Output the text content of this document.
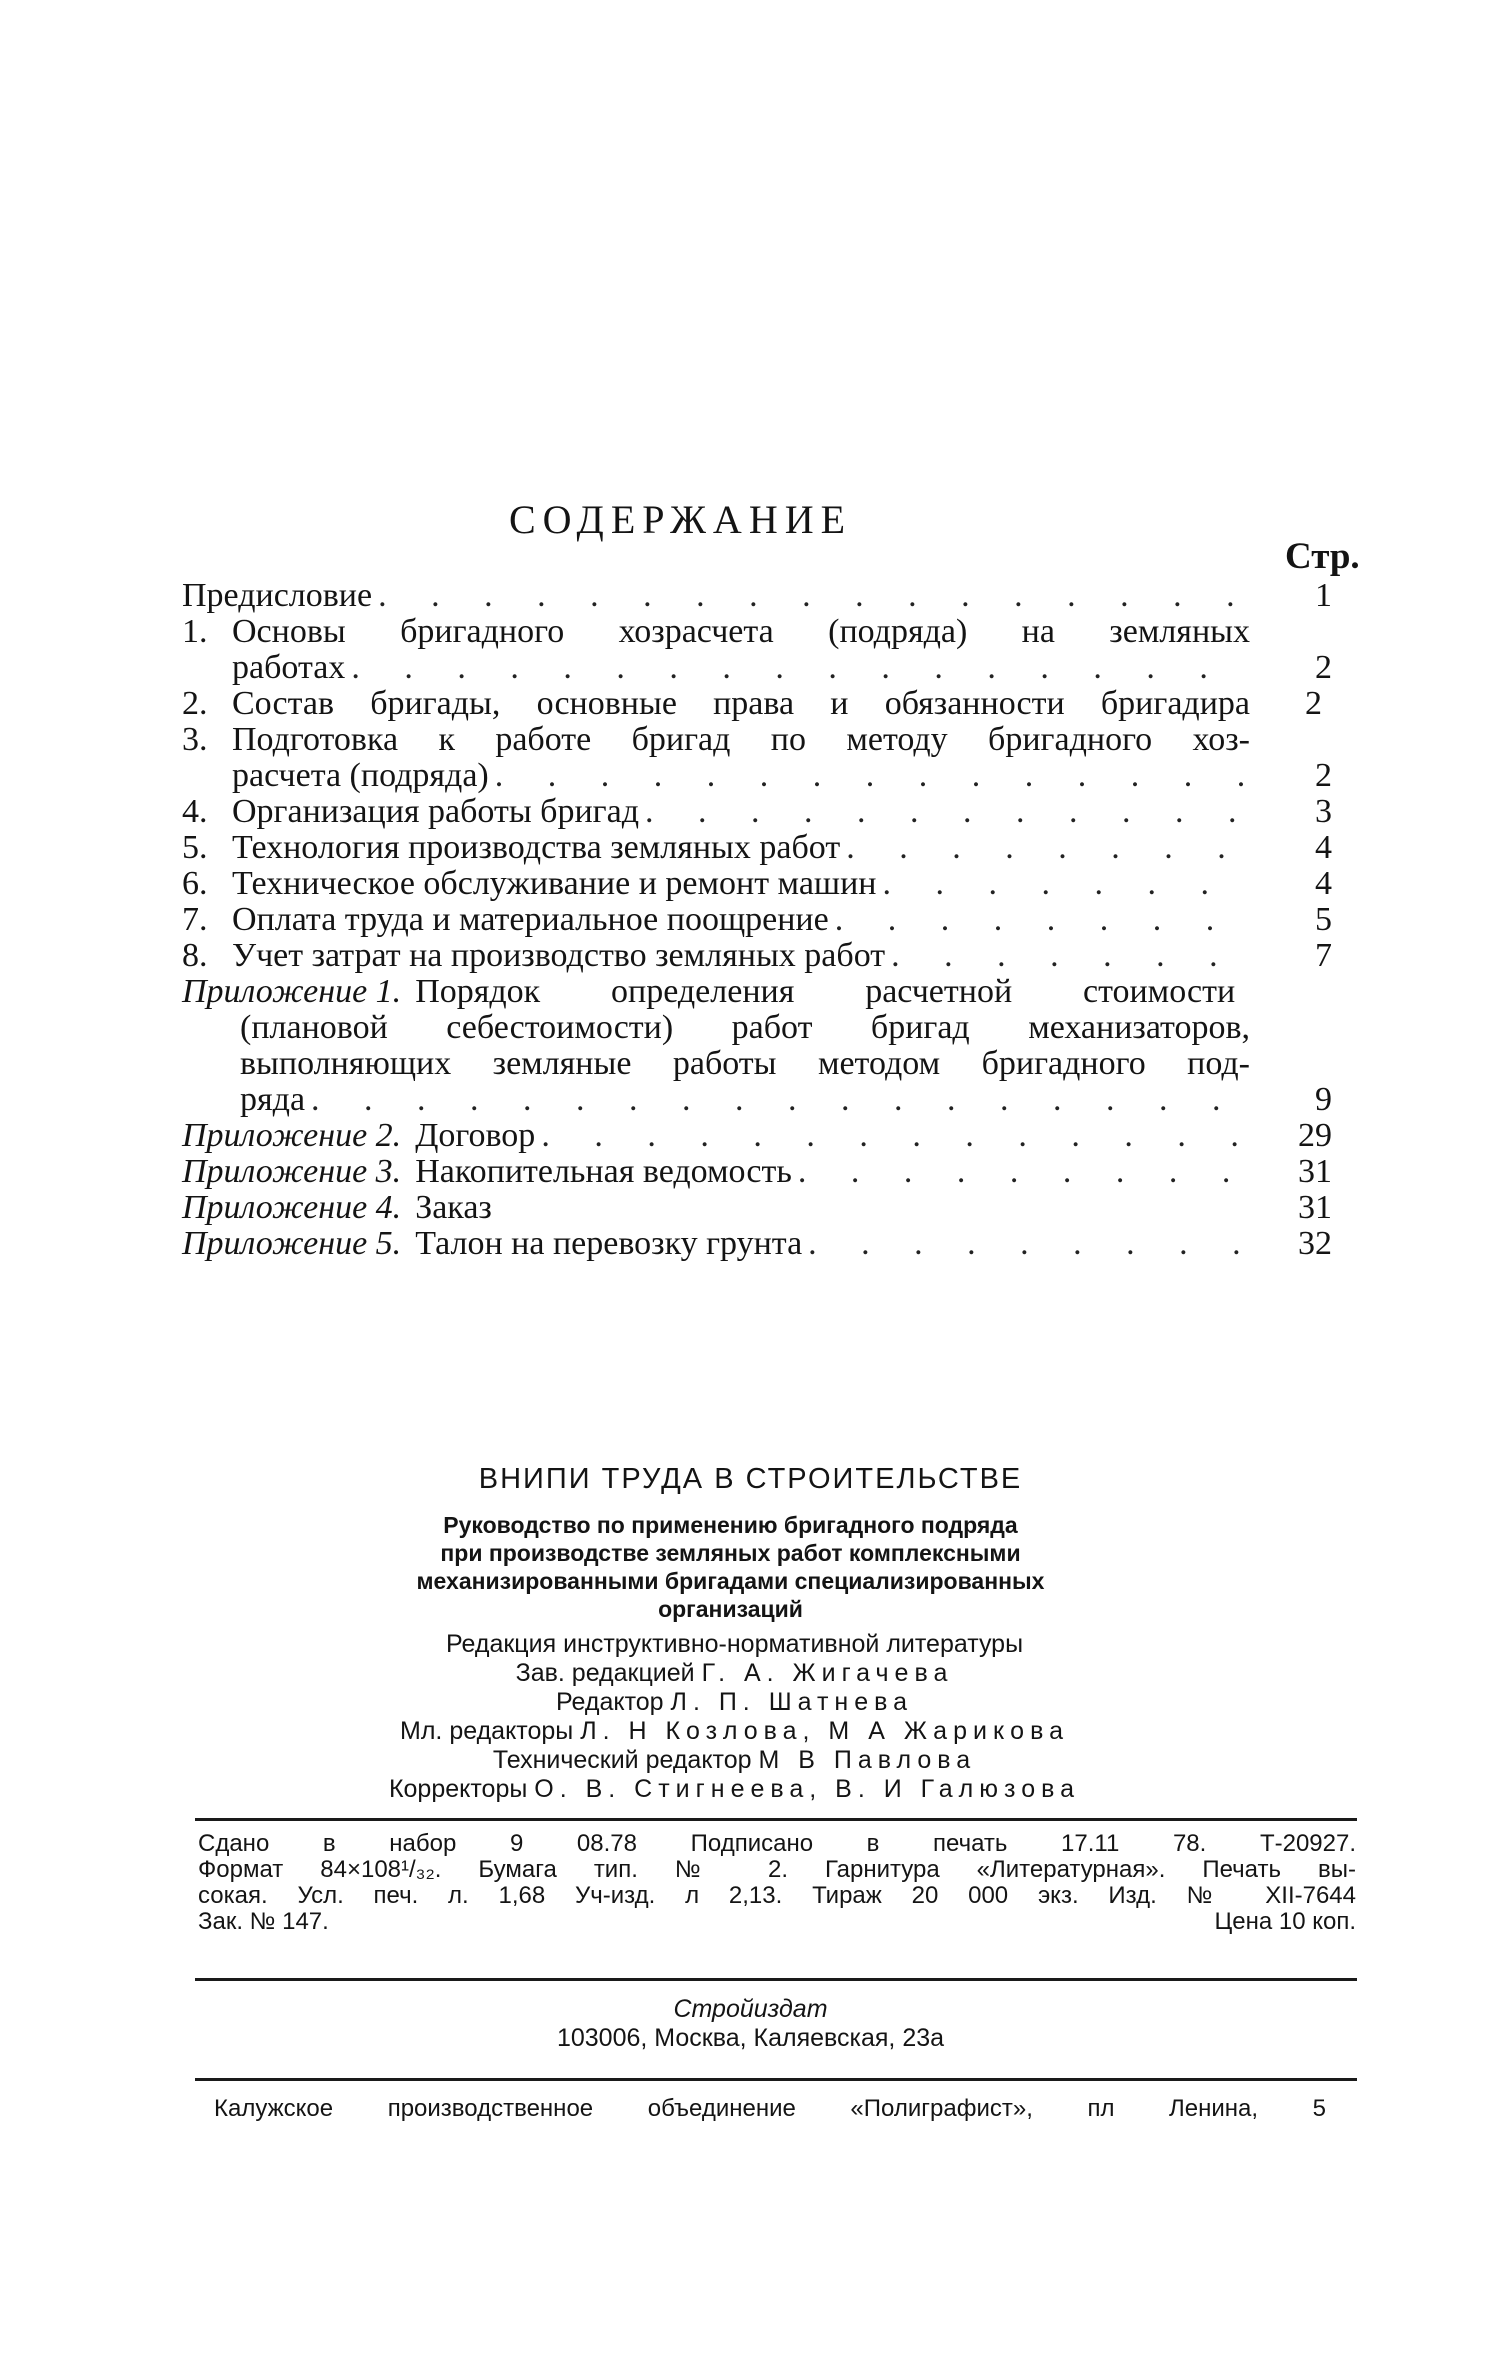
СОДЕРЖАНИЕ
Стр.
Предисловие . . .	1
1. Основы бригадного хозрасчета (подряда) на земляных
работах . . .	2
2. Состав бригады, основные права и обязанности бригадира	2
3. Подготовка к работе бригад по методу бригадного хоз-
расчета (подряда) . . .	2
4. Организация работы бригад . . .	3
5. Технология производства земляных работ . . .	4
6. Техническое обслуживание и ремонт машин . . .	4
7. Оплата труда и материальное поощрение . . .	5
8. Учет затрат на производство земляных работ . . .	7
Приложение 1. Порядок определения расчетной стоимости
(плановой себестоимости) работ бригад механизаторов,
выполняющих земляные работы методом бригадного под-
ряда . . .	9
Приложение 2. Договор . . .	29
Приложение 3. Накопительная ведомость . . .	31
Приложение 4. Заказ	31
Приложение 5. Талон на перевозку грунта . . .	32
ВНИПИ ТРУДА В СТРОИТЕЛЬСТВЕ
Руководство по применению бригадного подряда
при производстве земляных работ комплексными
механизированными бригадами специализированных
организаций
Редакция инструктивно-нормативной литературы
Зав. редакцией Г. А. Жигачева
Редактор Л. П. Шатнева
Мл. редакторы Л. Н Козлова, М А Жарикова
Технический редактор М В Павлова
Корректоры О. В. Стигнеева, В. И Галюзова
Сдано в набор 9 08.78 Подписано в печать 17.11 78. Т-20927.
Формат 84×108¹/₃₂. Бумага тип. № 2. Гарнитура «Литературная». Печать вы-
сокая. Усл. печ. л. 1,68 Уч-изд. л 2,13. Тираж 20 000 экз. Изд. № XII-7644
Зак. № 147.	Цена 10 коп.
Стройиздат
103006, Москва, Каляевская, 23а
Калужское производственное объединение «Полиграфист», пл Ленина, 5
